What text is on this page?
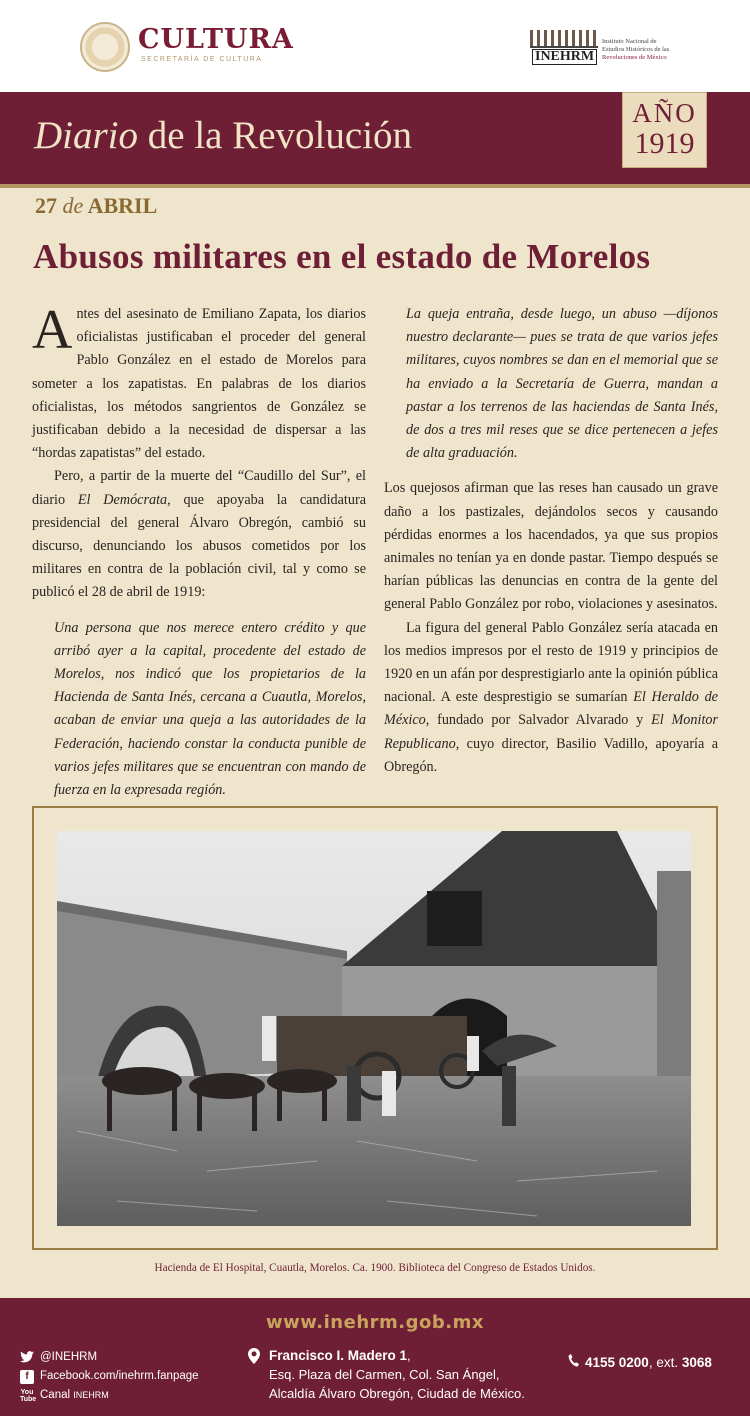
CULTURA
SECRETARÍA DE CULTURA	INEHRM
Instituto Nacional de
Estudios Históricos de las
Revoluciones de México
Diario de la Revolución
AÑO
1919
27 de ABRIL
Abusos militares en el estado de Morelos

Antes del asesinato de Emiliano Zapata, los diarios oficialistas justificaban el proceder del general Pablo González en el estado de Morelos para someter a los zapatistas. En palabras de los diarios oficialistas, los métodos sangrientos de González se justificaban debido a la necesidad de dispersar a las “hordas zapatistas” del estado.

Pero, a partir de la muerte del “Caudillo del Sur”, el diario El Demócrata, que apoyaba la candidatura presidencial del general Álvaro Obregón, cambió su discurso, denunciando los abusos cometidos por los militares en contra de la población civil, tal y como se publicó el 28 de abril de 1919:

Una persona que nos merece entero crédito y que arribó ayer a la capital, procedente del estado de Morelos, nos indicó que los propietarios de la Hacienda de Santa Inés, cercana a Cuautla, Morelos, acaban de enviar una queja a las autoridades de la Federación, haciendo constar la conducta punible de varios jefes militares que se encuentran con mando de fuerza en la expresada región.

La queja entraña, desde luego, un abuso —díjonos nuestro declarante— pues se trata de que varios jefes militares, cuyos nombres se dan en el memorial que se ha enviado a la Secretaría de Guerra, mandan a pastar a los terrenos de las haciendas de Santa Inés, de dos a tres mil reses que se dice pertenecen a jefes de alta graduación.

Los quejosos afirman que las reses han causado un grave daño a los pastizales, dejándolos secos y causando pérdidas enormes a los hacendados, ya que sus propios animales no tenían ya en donde pastar. Tiempo después se harían públicas las denuncias en contra de la gente del general Pablo González por robo, violaciones y asesinatos.

La figura del general Pablo González sería atacada en los medios impresos por el resto de 1919 y principios de 1920 en un afán por desprestigiarlo ante la opinión pública nacional. A este desprestigio se sumarían El Heraldo de México, fundado por Salvador Alvarado y El Monitor Republicano, cuyo director, Basilio Vadillo, apoyaría a Obregón.

Hacienda de El Hospital, Cuautla, Morelos. Ca. 1900. Biblioteca del Congreso de Estados Unidos.
www.inehrm.gob.mx
@INEHRM
f Facebook.com/inehrm.fanpage
You
Tube Canal
INEHRM
Francisco I. Madero 1,
Esq. Plaza del Carmen, Col. San Ángel,
Alcaldía Álvaro Obregón, Ciudad de México.
4155 0200, ext. 3068
